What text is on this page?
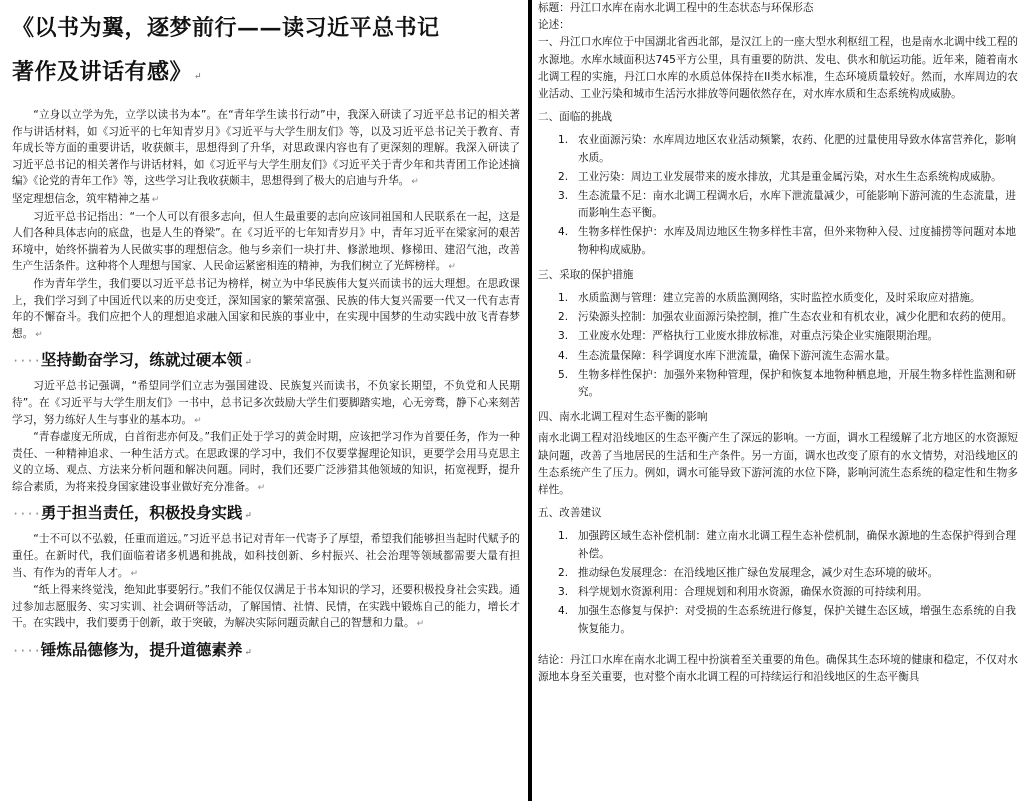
《以书为翼，逐梦前行——读习近平总书记
著作及讲话有感》 ↵
“立身以立学为先，立学以读书为本”。在“青年学生读书行动”中，我深入研读了习近平总书记的相关著作与讲话材料，如《习近平的七年知青岁月》《习近平与大学生朋友们》等，以及习近平总书记关于教育、青年成长等方面的重要讲话，收获颇丰，思想得到了升华，对思政课内容也有了更深刻的理解。我深入研读了习近平总书记的相关著作与讲话材料，如《习近平与大学生朋友们》《习近平关于青少年和共青团工作论述摘编》《论党的青年工作》等，这些学习让我收获颇丰，思想得到了极大的启迪与升华。 ↵
坚定理想信念，筑牢精神之基 ↵
习近平总书记指出：“一个人可以有很多志向，但人生最重要的志向应该同祖国和人民联系在一起，这是人们各种具体志向的底盘，也是人生的脊梁”。在《习近平的七年知青岁月》中，青年习近平在梁家河的艰苦环境中，始终怀揣着为人民做实事的理想信念。他与乡亲们一块打井、修淤地坝、修梯田、建沼气池，改善生产生活条件。这种将个人理想与国家、人民命运紧密相连的精神，为我们树立了光辉榜样。 ↵
作为青年学生，我们要以习近平总书记为榜样，树立为中华民族伟大复兴而读书的远大理想。在思政课上，我们学习到了中国近代以来的历史变迁，深知国家的繁荣富强、民族的伟大复兴需要一代又一代有志青年的不懈奋斗。我们应把个人的理想追求融入国家和民族的事业中，在实现中国梦的生动实践中放飞青春梦想。 ↵
····坚持勤奋学习，练就过硬本领 ↵
习近平总书记强调，“希望同学们立志为强国建设、民族复兴而读书，不负家长期望，不负党和人民期待”。在《习近平与大学生朋友们》一书中，总书记多次鼓励大学生们要脚踏实地，心无旁骛，静下心来刻苦学习，努力练好人生与事业的基本功。 ↵
“青春虚度无所成，白首衔悲亦何及。”我们正处于学习的黄金时期，应该把学习作为首要任务，作为一种责任、一种精神追求、一种生活方式。在思政课的学习中，我们不仅要掌握理论知识，更要学会用马克思主义的立场、观点、方法来分析问题和解决问题。同时，我们还要广泛涉猎其他领域的知识，拓宽视野，提升综合素质，为将来投身国家建设事业做好充分准备。 ↵
····勇于担当责任，积极投身实践 ↵
“士不可以不弘毅，任重而道远。”习近平总书记对青年一代寄予了厚望，希望我们能够担当起时代赋予的重任。在新时代，我们面临着诸多机遇和挑战，如科技创新、乡村振兴、社会治理等领域都需要大量有担当、有作为的青年人才。 ↵
“纸上得来终觉浅，绝知此事要躬行。”我们不能仅仅满足于书本知识的学习，还要积极投身社会实践。通过参加志愿服务、实习实训、社会调研等活动，了解国情、社情、民情，在实践中锻炼自己的能力，增长才干。在实践中，我们要勇于创新，敢于突破，为解决实际问题贡献自己的智慧和力量。 ↵
····锤炼品德修为，提升道德素养 ↵
标题：丹江口水库在南水北调工程中的生态状态与环保形态
论述：
一、丹江口水库位于中国湖北省西北部，是汉江上的一座大型水利枢纽工程，也是南水北调中线工程的水源地。水库水域面积达745平方公里，具有重要的防洪、发电、供水和航运功能。近年来，随着南水北调工程的实施，丹江口水库的水质总体保持在II类水标准，生态环境质量较好。然而，水库周边的农业活动、工业污染和城市生活污水排放等问题依然存在，对水库水质和生态系统构成威胁。
二、面临的挑战
1. 农业面源污染：水库周边地区农业活动频繁，农药、化肥的过量使用导致水体富营养化，影响水质。
2. 工业污染：周边工业发展带来的废水排放，尤其是重金属污染，对水生生态系统构成威胁。
3. 生态流量不足：南水北调工程调水后，水库下泄流量减少，可能影响下游河流的生态流量，进而影响生态平衡。
4. 生物多样性保护：水库及周边地区生物多样性丰富，但外来物种入侵、过度捕捞等问题对本地物种构成威胁。
三、采取的保护措施
1. 水质监测与管理：建立完善的水质监测网络，实时监控水质变化，及时采取应对措施。
2. 污染源头控制：加强农业面源污染控制，推广生态农业和有机农业，减少化肥和农药的使用。
3. 工业废水处理：严格执行工业废水排放标准，对重点污染企业实施限期治理。
4. 生态流量保障：科学调度水库下泄流量，确保下游河流生态需水量。
5. 生物多样性保护：加强外来物种管理，保护和恢复本地物种栖息地，开展生物多样性监测和研究。
四、南水北调工程对生态平衡的影响
南水北调工程对沿线地区的生态平衡产生了深远的影响。一方面，调水工程缓解了北方地区的水资源短缺问题，改善了当地居民的生活和生产条件。另一方面，调水也改变了原有的水文情势，对沿线地区的生态系统产生了压力。例如，调水可能导致下游河流的水位下降，影响河流生态系统的稳定性和生物多样性。
五、改善建议
1. 加强跨区域生态补偿机制：建立南水北调工程生态补偿机制，确保水源地的生态保护得到合理补偿。
2. 推动绿色发展理念：在沿线地区推广绿色发展理念，减少对生态环境的破坏。
3. 科学规划水资源利用：合理规划和利用水资源，确保水资源的可持续利用。
4. 加强生态修复与保护：对受损的生态系统进行修复，保护关键生态区域，增强生态系统的自我恢复能力。
结论：丹江口水库在南水北调工程中扮演着至关重要的角色。确保其生态环境的健康和稳定，不仅对水源地本身至关重要，也对整个南水北调工程的可持续运行和沿线地区的生态平衡具
